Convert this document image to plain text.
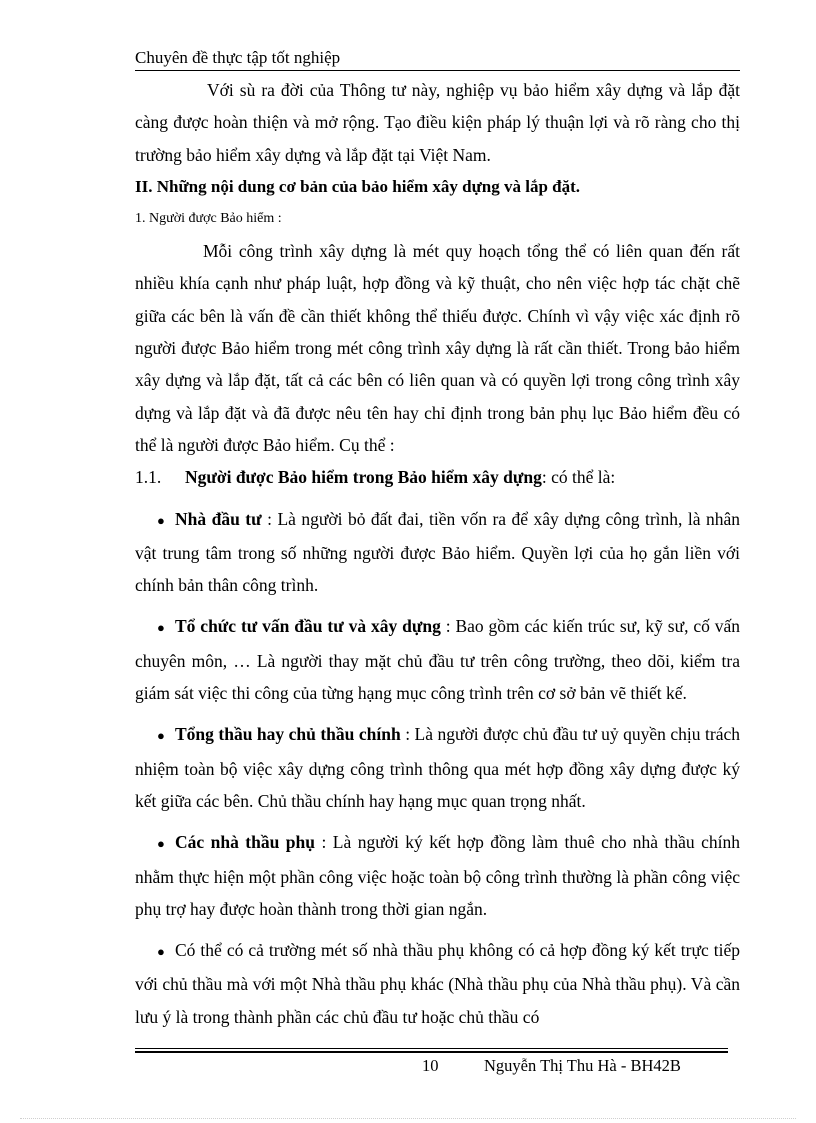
Chuyên đề thực tập tốt nghiệp

Với sù ra đời của Thông tư này, nghiệp vụ bảo hiểm xây dựng và lắp đặt càng được hoàn thiện và mở rộng. Tạo điều kiện pháp lý thuận lợi và rõ ràng cho thị trường bảo hiểm xây dựng và lắp đặt tại Việt Nam.

II. Những nội dung cơ bản của bảo hiểm xây dựng và lắp đặt.

1. Người được Bảo hiểm :

Mỗi công trình xây dựng là mét quy hoạch tổng thể có liên quan đến rất nhiều khía cạnh như pháp luật, hợp đồng và kỹ thuật, cho nên việc hợp tác chặt chẽ giữa các bên là vấn đề cần thiết không thể thiếu được. Chính vì vậy việc xác định rõ người được Bảo hiểm trong mét công trình xây dựng là rất cần thiết. Trong bảo hiểm xây dựng và lắp đặt, tất cả các bên có liên quan và có quyền lợi trong công trình xây dựng và lắp đặt và đã được nêu tên hay chỉ định trong bản phụ lục Bảo hiểm đều có thể là người được Bảo hiểm. Cụ thể :

1.1. Người được Bảo hiểm trong Bảo hiểm xây dựng: có thể là:

● Nhà đầu tư : Là người bỏ đất đai, tiền vốn ra để xây dựng công trình, là nhân vật trung tâm trong số những người được Bảo hiểm. Quyền lợi của họ gắn liền với chính bản thân công trình.

● Tổ chức tư vấn đầu tư và xây dựng : Bao gồm các kiến trúc sư, kỹ sư, cố vấn chuyên môn, … Là người thay mặt chủ đầu tư trên công trường, theo dõi, kiểm tra giám sát việc thi công của từng hạng mục công trình trên cơ sở bản vẽ thiết kế.

● Tổng thầu hay chủ thầu chính : Là người được chủ đầu tư uỷ quyền chịu trách nhiệm toàn bộ việc xây dựng công trình thông qua mét hợp đồng xây dựng được ký kết giữa các bên. Chủ thầu chính hay hạng mục quan trọng nhất.

● Các nhà thầu phụ : Là người ký kết hợp đồng làm thuê cho nhà thầu chính nhằm thực hiện một phần công việc hoặc toàn bộ công trình thường là phần công việc phụ trợ hay được hoàn thành trong thời gian ngắn.

● Có thể có cả trường mét số nhà thầu phụ không có cả hợp đồng ký kết trực tiếp với chủ thầu mà với một Nhà thầu phụ khác (Nhà thầu phụ của Nhà thầu phụ). Và cần lưu ý là trong thành phần các chủ đầu tư hoặc chủ thầu có

10	Nguyễn Thị Thu Hà - BH42B
